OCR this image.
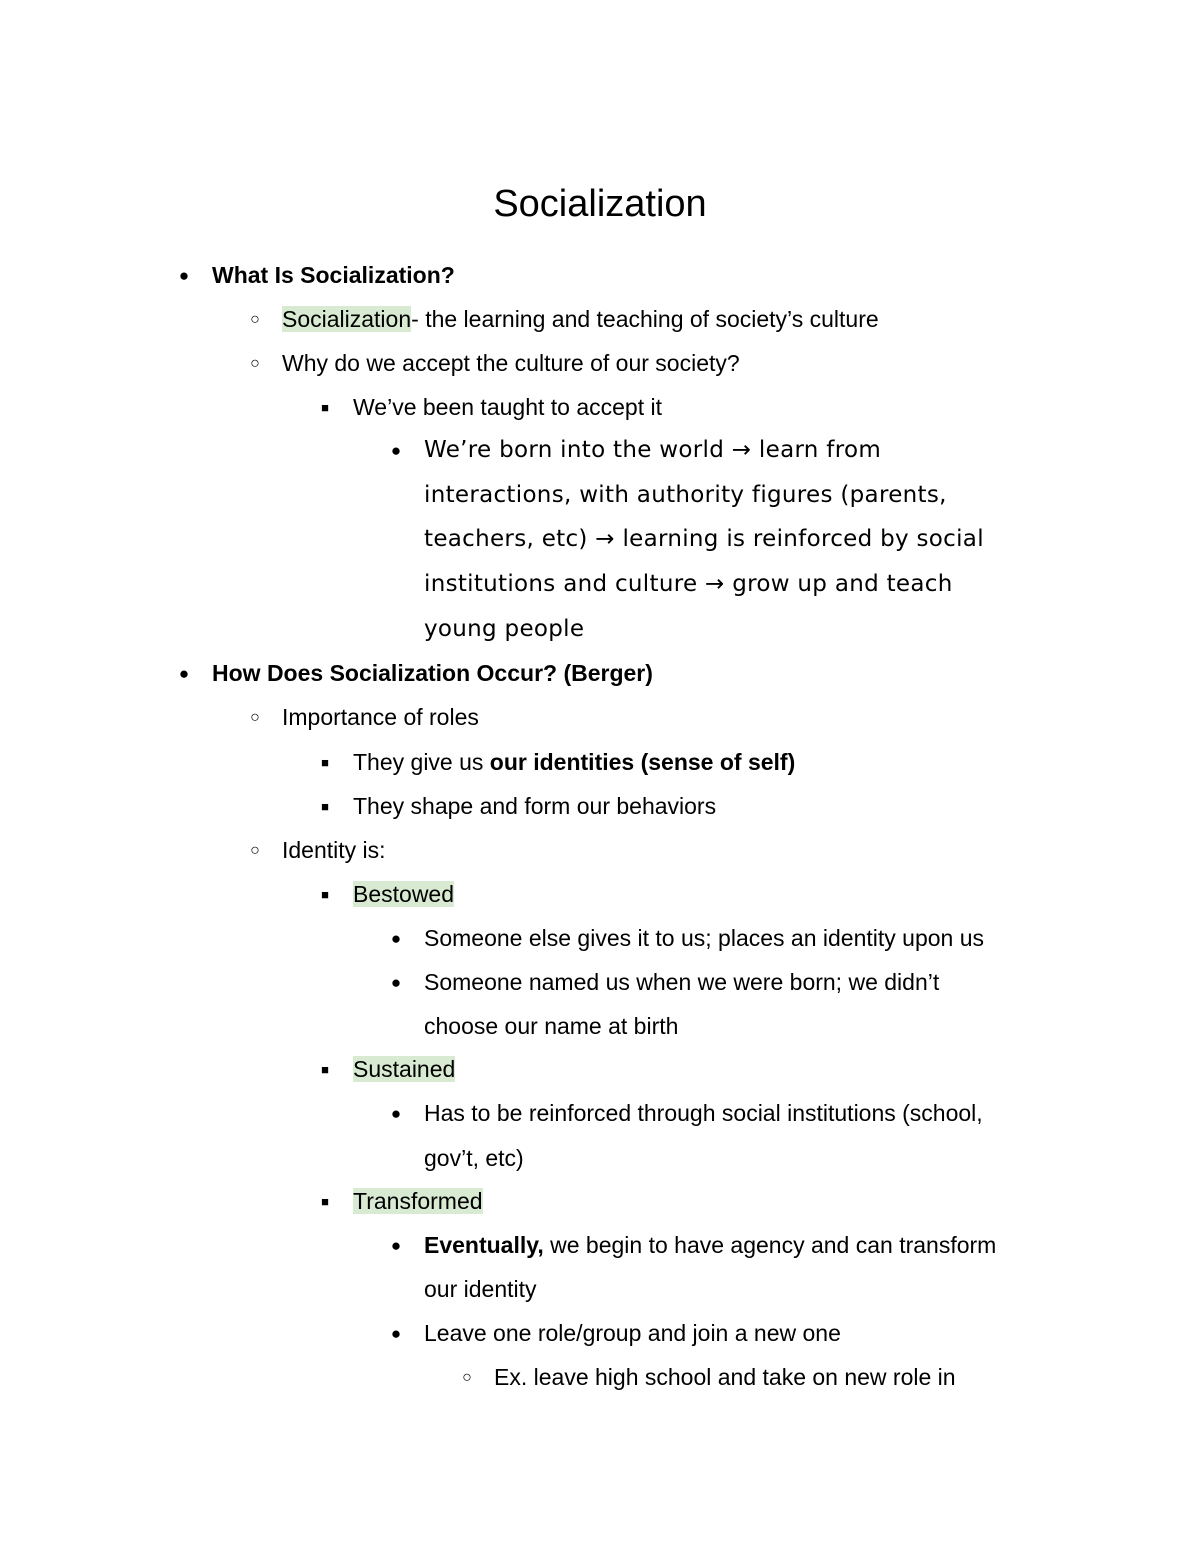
Socialization
● What Is Socialization?
○ Socialization- the learning and teaching of society’s culture
○ Why do we accept the culture of our society?
■ We’ve been taught to accept it
● We’re born into the world → learn from
interactions, with authority figures (parents,
teachers, etc) → learning is reinforced by social
institutions and culture → grow up and teach
young people
● How Does Socialization Occur? (Berger)
○ Importance of roles
■ They give us our identities (sense of self)
■ They shape and form our behaviors
○ Identity is:
■ Bestowed
● Someone else gives it to us; places an identity upon us
● Someone named us when we were born; we didn’t
choose our name at birth
■ Sustained
● Has to be reinforced through social institutions (school,
gov’t, etc)
■ Transformed
● Eventually, we begin to have agency and can transform
our identity
● Leave one role/group and join a new one
○ Ex. leave high school and take on new role in
